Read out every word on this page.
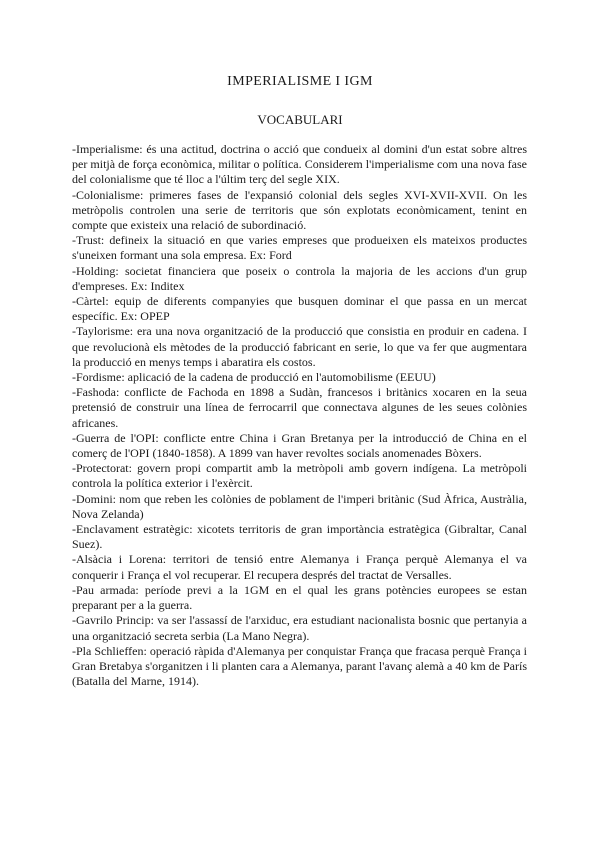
IMPERIALISME I IGM
VOCABULARI

-Imperialisme: és una actitud, doctrina o acció que condueix al domini d'un estat sobre altres per mitjà de força econòmica, militar o política. Considerem l'imperialisme com una nova fase del colonialisme que té lloc a l'últim terç del segle XIX.

-Colonialisme: primeres fases de l'expansió colonial dels segles XVI-XVII-XVII. On les metròpolis controlen una serie de territoris que són explotats econòmicament, tenint en compte que existeix una relació de subordinació.

-Trust: defineix la situació en que varies empreses que produeixen els mateixos productes s'uneixen formant una sola empresa. Ex: Ford

-Holding: societat financiera que poseix o controla la majoria de les accions d'un grup d'empreses. Ex: Inditex

-Càrtel: equip de diferents companyies que busquen dominar el que passa en un mercat específic. Ex: OPEP

-Taylorisme: era una nova organització de la producció que consistia en produir en cadena. I que revolucionà els mètodes de la producció fabricant en serie, lo que va fer que augmentara la producció en menys temps i abaratira els costos.

-Fordisme: aplicació de la cadena de producció en l'automobilisme (EEUU)

-Fashoda: conflicte de Fachoda en 1898 a Sudàn, francesos i britànics xocaren en la seua pretensió de construir una línea de ferrocarril que connectava algunes de les seues colònies africanes.

-Guerra de l'OPI: conflicte entre China i Gran Bretanya per la introducció de China en el comerç de l'OPI (1840-1858). A 1899 van haver revoltes socials anomenades Bòxers.

-Protectorat: govern propi compartit amb la metròpoli amb govern indígena. La metròpoli controla la política exterior i l'exèrcit.

-Domini: nom que reben les colònies de poblament de l'imperi britànic (Sud Àfrica, Austràlia, Nova Zelanda)

-Enclavament estratègic: xicotets territoris de gran importància estratègica (Gibraltar, Canal Suez).

-Alsàcia i Lorena: territori de tensió entre Alemanya i França perquè Alemanya el va conquerir i França el vol recuperar. El recupera després del tractat de Versalles.

-Pau armada: període previ a la 1GM en el qual les grans potències europees se estan preparant per a la guerra.

-Gavrilo Princip: va ser l'assassí de l'arxiduc, era estudiant nacionalista bosnic que pertanyia a una organització secreta serbia (La Mano Negra).

-Pla Schlieffen: operació ràpida d'Alemanya per conquistar França que fracasa perquè França i Gran Bretabya s'organitzen i li planten cara a Alemanya, parant l'avanç alemà a 40 km de París (Batalla del Marne, 1914).
